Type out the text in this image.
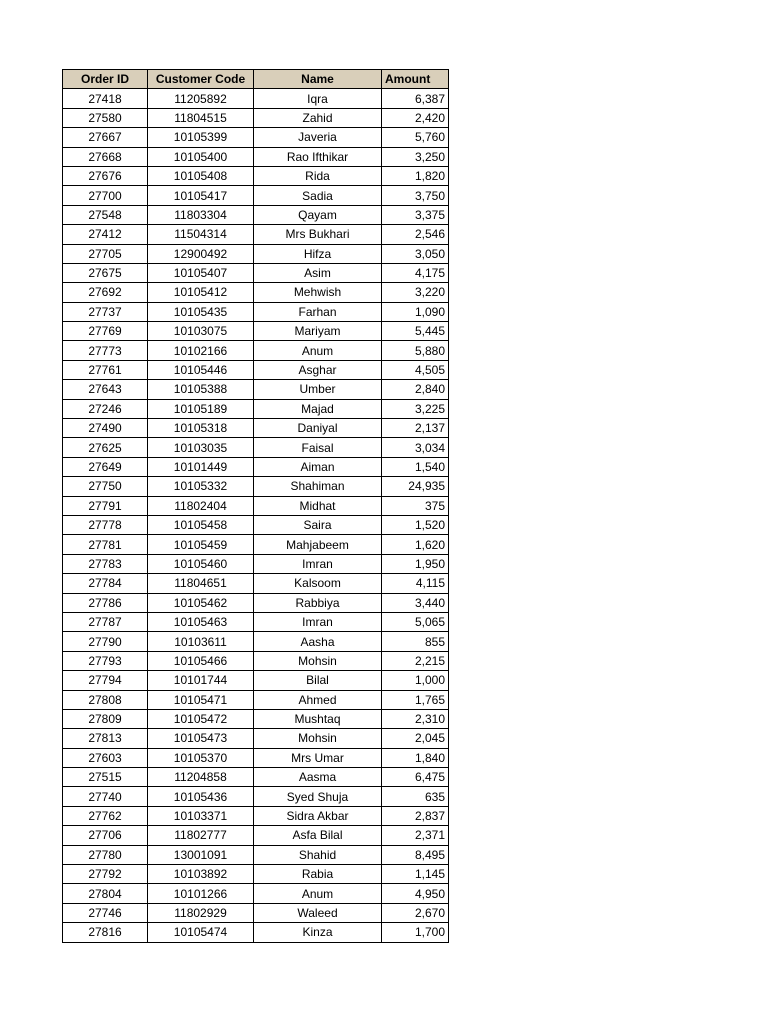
Order ID	Customer Code	Name	Amount
27418	11205892	Iqra	6,387
27580	11804515	Zahid	2,420
27667	10105399	Javeria	5,760
27668	10105400	Rao Ifthikar	3,250
27676	10105408	Rida	1,820
27700	10105417	Sadia	3,750
27548	11803304	Qayam	3,375
27412	11504314	Mrs Bukhari	2,546
27705	12900492	Hifza	3,050
27675	10105407	Asim	4,175
27692	10105412	Mehwish	3,220
27737	10105435	Farhan	1,090
27769	10103075	Mariyam	5,445
27773	10102166	Anum	5,880
27761	10105446	Asghar	4,505
27643	10105388	Umber	2,840
27246	10105189	Majad	3,225
27490	10105318	Daniyal	2,137
27625	10103035	Faisal	3,034
27649	10101449	Aiman	1,540
27750	10105332	Shahiman	24,935
27791	11802404	Midhat	375
27778	10105458	Saira	1,520
27781	10105459	Mahjabeem	1,620
27783	10105460	Imran	1,950
27784	11804651	Kalsoom	4,115
27786	10105462	Rabbiya	3,440
27787	10105463	Imran	5,065
27790	10103611	Aasha	855
27793	10105466	Mohsin	2,215
27794	10101744	Bilal	1,000
27808	10105471	Ahmed	1,765
27809	10105472	Mushtaq	2,310
27813	10105473	Mohsin	2,045
27603	10105370	Mrs Umar	1,840
27515	11204858	Aasma	6,475
27740	10105436	Syed Shuja	635
27762	10103371	Sidra Akbar	2,837
27706	11802777	Asfa Bilal	2,371
27780	13001091	Shahid	8,495
27792	10103892	Rabia	1,145
27804	10101266	Anum	4,950
27746	11802929	Waleed	2,670
27816	10105474	Kinza	1,700
